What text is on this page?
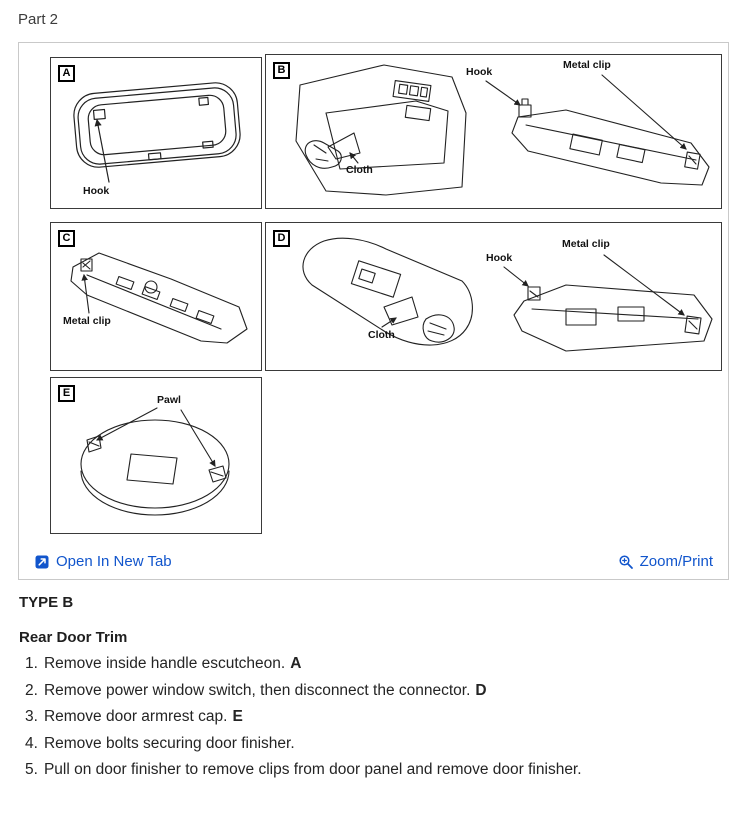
Part 2
A
Hook
B
Cloth
Hook
Metal clip
C
Metal clip
D
Cloth
Hook
Metal clip
E
Pawl
Open In New Tab	Zoom/Print
TYPE B
Rear Door Trim
1. Remove inside handle escutcheon. A
2. Remove power window switch, then disconnect the connector. D
3. Remove door armrest cap. E
4. Remove bolts securing door finisher.
5. Pull on door finisher to remove clips from door panel and remove door finisher.
